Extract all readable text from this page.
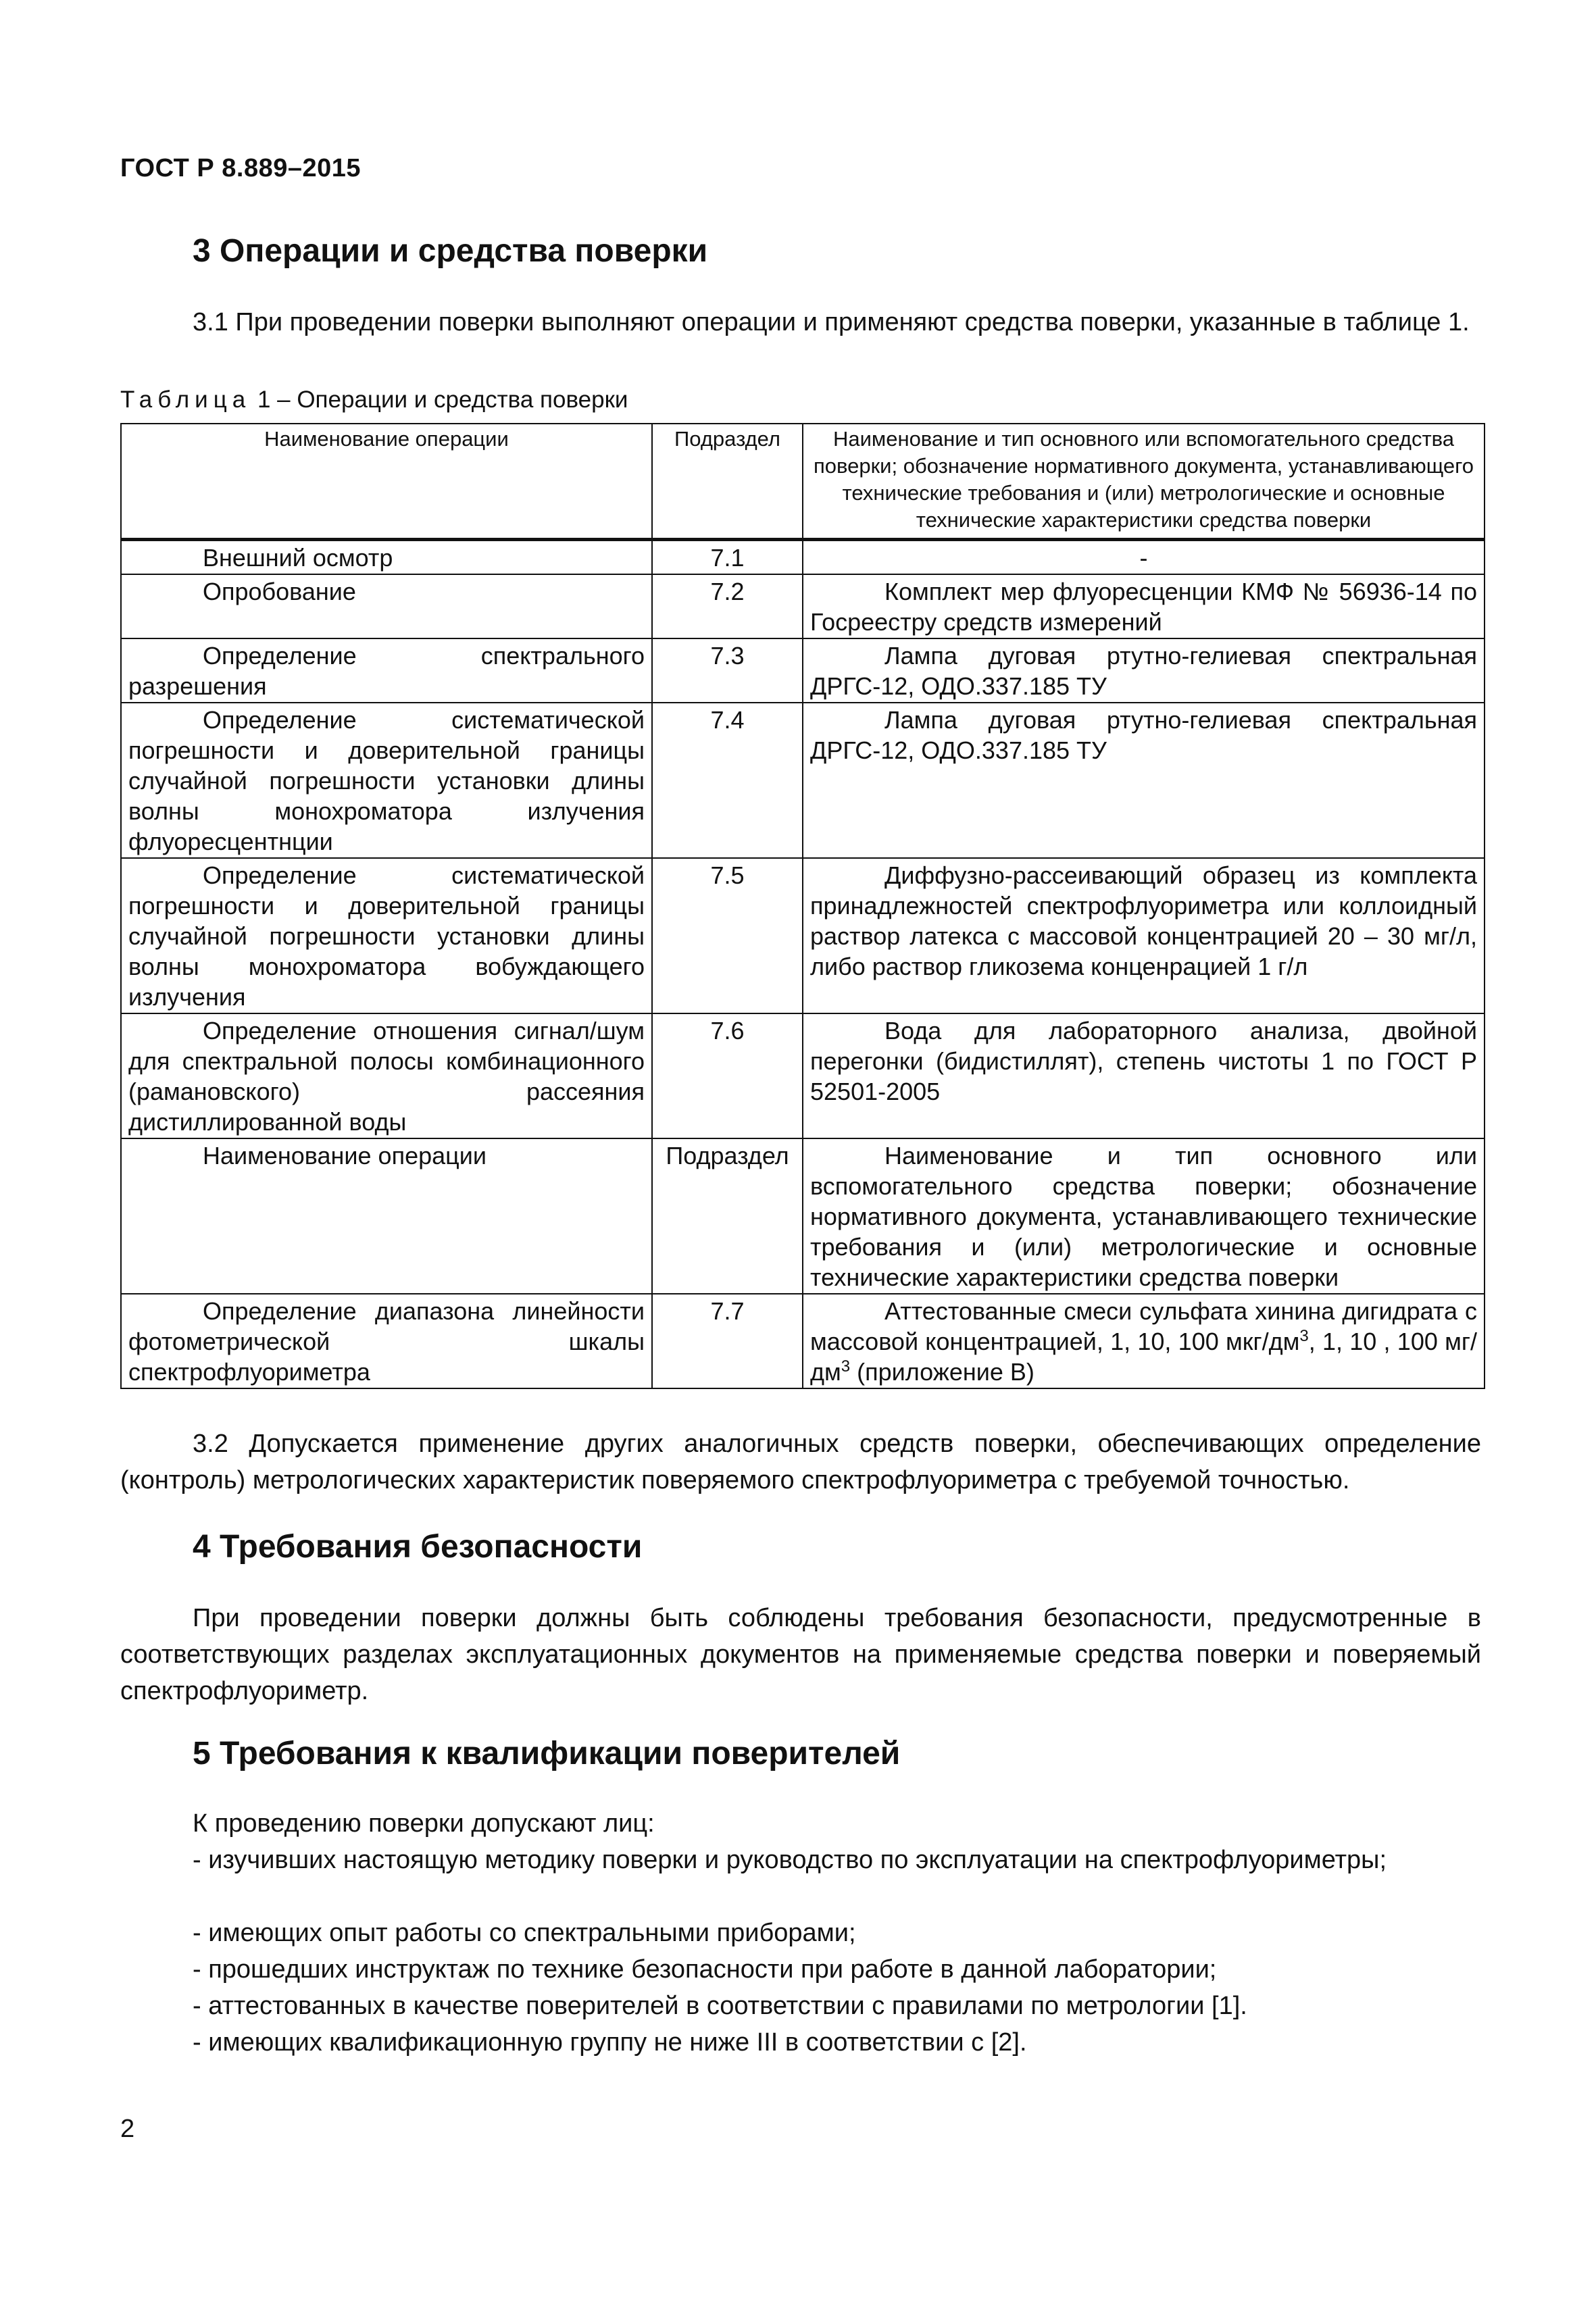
ГОСТ Р 8.889–2015
3 Операции и средства поверки

3.1 При проведении поверки выполняют операции и применяют средства поверки, указанные в таблице 1.

Таблица 1 – Операции и средства поверки
Наименование операции	Подраздел	Наименование и тип основного или вспомогательного средства поверки; обозначение нормативного документа, устанавливающего технические требования и (или) метрологические и основные технические характеристики средства поверки
Внешний осмотр	7.1	-
Опробование	7.2	Комплект мер флуоресценции КМФ № 56936-14 по Госреестру средств измерений
Определение спектрального разрешения	7.3	Лампа дуговая ртутно-гелиевая спектральная ДРГС-12, ОДО.337.185 ТУ
Определение систематической погрешности и доверительной границы случайной погрешности установки длины волны монохроматора излучения флуоресцентнции	7.4	Лампа дуговая ртутно-гелиевая спектральная ДРГС-12, ОДО.337.185 ТУ
Определение систематической погрешности и доверительной границы случайной погрешности установки длины волны монохроматора вобуждающего излучения	7.5	Диффузно-рассеивающий образец из комплекта принадлежностей спектрофлуориметра или коллоидный раствор латекса с массовой концентрацией 20 – 30 мг/л, либо раствор гликозема конценрацией 1 г/л
Определение отношения сигнал/шум для спектральной полосы комбинационного (рамановского) рассеяния дистиллированной воды	7.6	Вода для лабораторного анализа, двойной перегонки (бидистиллят), степень чистоты 1 по ГОСТ Р 52501-2005
Наименование операции	Подраздел	Наименование и тип основного или вспомогательного средства поверки; обозначение нормативного документа, устанавливающего технические требования и (или) метрологические и основные технические характеристики средства поверки
Определение диапазона линейности фотометрической шкалы спектрофлуориметра	7.7	Аттестованные смеси сульфата хинина дигидрата с массовой концентрацией, 1, 10, 100 мкг/$дм^3$, 1, 10 , 100 $мг/дм^3$ (приложение В)

3.2 Допускается применение других аналогичных средств поверки, обеспечивающих определение (контроль) метрологических характеристик поверяемого спектрофлуориметра с требуемой точностью.

4 Требования безопасности

При проведении поверки должны быть соблюдены требования безопасности, предусмотренные в соответствующих разделах эксплуатационных документов на применяемые средства поверки и поверяемый спектрофлуориметр.

5 Требования к квалификации поверителей

К проведению поверки допускают лиц:

- изучивших настоящую методику поверки и руководство по эксплуатации на спектрофлуориметры;

- имеющих опыт работы со спектральными приборами;

- прошедших инструктаж по технике безопасности при работе в данной лаборатории;

- аттестованных в качестве поверителей в соответствии с правилами по метрологии [1].

- имеющих квалификационную группу не ниже III в соответствии с [2].

2
